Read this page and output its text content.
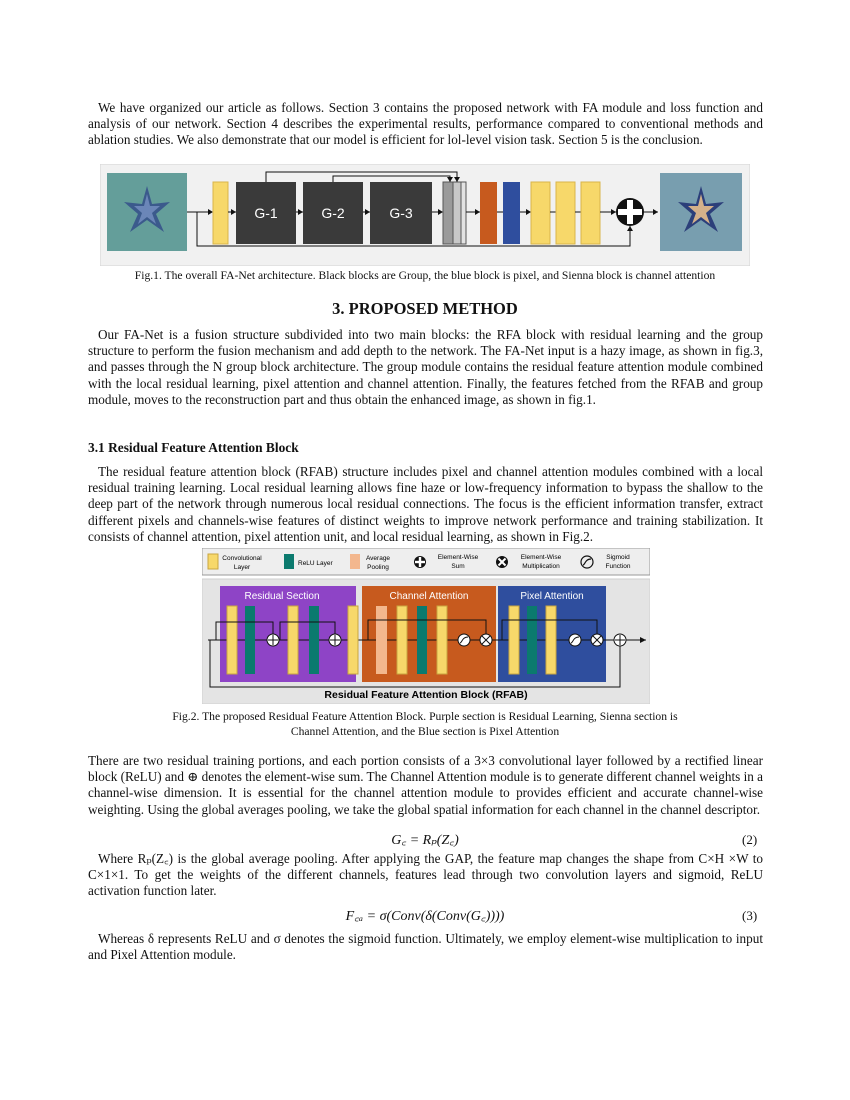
We have organized our article as follows. Section 3 contains the proposed network with FA module and loss function and analysis of our network. Section 4 describes the experimental results, performance compared to conventional methods and ablation studies. We also demonstrate that our model is efficient for lol-level vision task. Section 5 is the conclusion.

G-1	G-2	G-3

Fig.1. The overall FA-Net architecture. Black blocks are Group, the blue block is pixel, and Sienna block is channel attention

3. PROPOSED METHOD

Our FA-Net is a fusion structure subdivided into two main blocks: the RFA block with residual learning and the group structure to perform the fusion mechanism and add depth to the network. The FA-Net input is a hazy image, as shown in fig.3, and passes through the N group block architecture. The group module contains the residual feature attention module combined with the local residual learning, pixel attention and channel attention. Finally, the features fetched from the RFAB and group module, moves to the reconstruction part and thus obtain the enhanced image, as shown in fig.1.

3.1 Residual Feature Attention Block

The residual feature attention block (RFAB) structure includes pixel and channel attention modules combined with a local residual training learning. Local residual learning allows fine haze or low-frequency information to bypass the shallow to the deep part of the network through numerous local residual connections. The focus is the efficient information transfer, extract different pixels and channels-wise features of distinct weights to improve network performance and training stabilization. It consists of channel attention, pixel attention unit, and local residual learning, as shown in Fig.2.

Convolutional
Layer
ReLU Layer
Average
Pooling
Element-Wise
Sum
Element-Wise
Multiplication
Sigmoid
Function
Residual Section	Channel Attention	Pixel Attention
Residual Feature Attention Block (RFAB)

Fig.2. The proposed Residual Feature Attention Block. Purple section is Residual Learning, Sienna section is
Channel Attention, and the Blue section is Pixel Attention

There are two residual training portions, and each portion consists of a 3×3 convolutional layer followed by a rectified linear block (ReLU) and ⊕ denotes the element-wise sum. The Channel Attention module is to generate different channel weights in a channel-wise dimension. It is essential for the channel attention module to provides efficient and accurate channel-wise weighting. Using the global averages pooling, we take the global spatial information for each channel in the channel descriptor.

G꜀ = Rₚ(Z꜀)	(2)

Where Rₚ(Z꜀) is the global average pooling. After applying the GAP, the feature map changes the shape from C×H ×W to C×1×1. To get the weights of the different channels, features lead through two convolution layers and sigmoid, ReLU activation function later.

F꜀ₐ = σ(Conv(δ(Conv(G꜀))))	(3)

Whereas δ represents ReLU and σ denotes the sigmoid function. Ultimately, we employ element-wise multiplication to input and Pixel Attention module.
